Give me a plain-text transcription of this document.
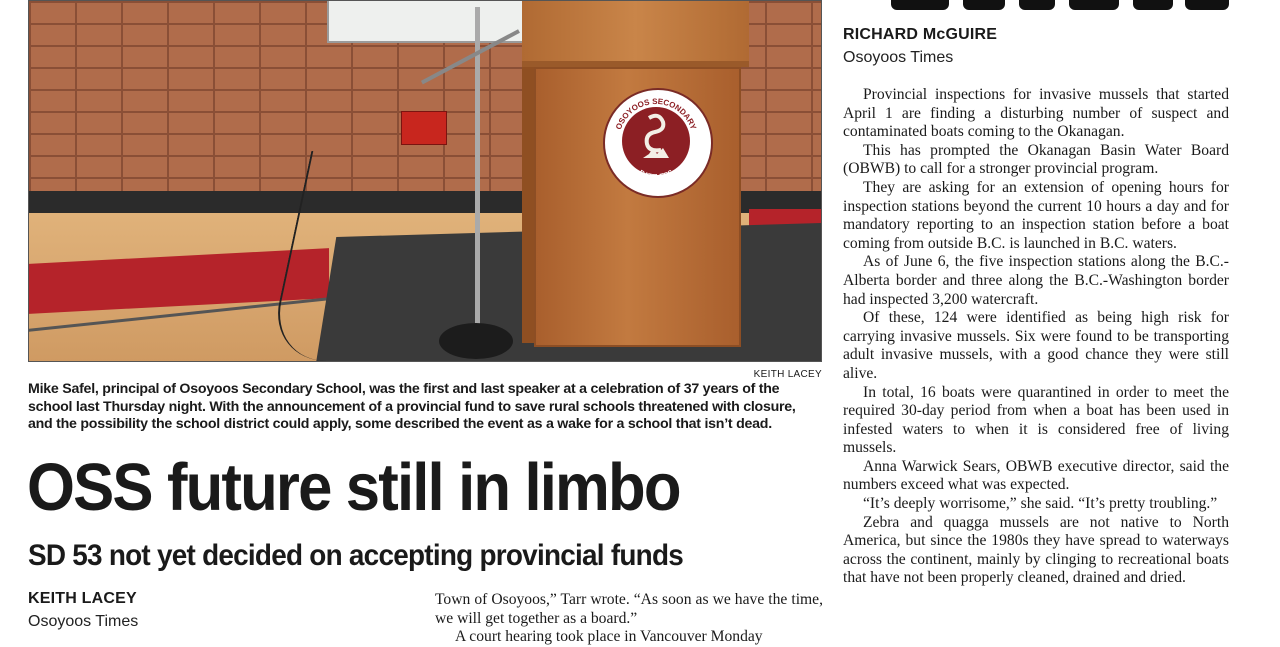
OSOYOOS SECONDARY
RATTLERS
KEITH LACEY

Mike Safel, principal of Osoyoos Secondary School, was the first and last speaker at a celebration of 37 years of the

school last Thursday night. With the announcement of a provincial fund to save rural schools threatened with closure,

and the possibility the school district could apply, some described the event as a wake for a school that isn’t dead.

OSS future still in limbo
SD 53 not yet decided on accepting provincial funds
KEITH LACEY
Osoyoos Times

Town of Osoyoos,” Tarr wrote. “As soon as we have the time, we will get together as a board.”

A court hearing took place in Vancouver Monday

RICHARD McGUIRE
Osoyoos Times

Provincial inspections for invasive mussels that started April 1 are finding a disturbing number of suspect and contaminated boats coming to the Okanagan.

This has prompted the Okanagan Basin Water Board (OBWB) to call for a stronger provincial program.

They are asking for an extension of opening hours for inspection stations beyond the current 10 hours a day and for mandatory reporting to an inspection station before a boat coming from outside B.C. is launched in B.C. waters.

As of June 6, the five inspection stations along the B.C.-Alberta border and three along the B.C.-Washington border had inspected 3,200 watercraft.

Of these, 124 were identified as being high risk for carrying invasive mussels. Six were found to be transporting adult invasive mussels, with a good chance they were still alive.

In total, 16 boats were quarantined in order to meet the required 30-day period from when a boat has been used in infested waters to when it is considered free of living mussels.

Anna Warwick Sears, OBWB executive director, said the numbers exceed what was expected.

“It’s deeply worrisome,” she said. “It’s pretty troubling.”

Zebra and quagga mussels are not native to North America, but since the 1980s they have spread to waterways across the continent, mainly by clinging to recreational boats that have not been properly cleaned, drained and dried.
